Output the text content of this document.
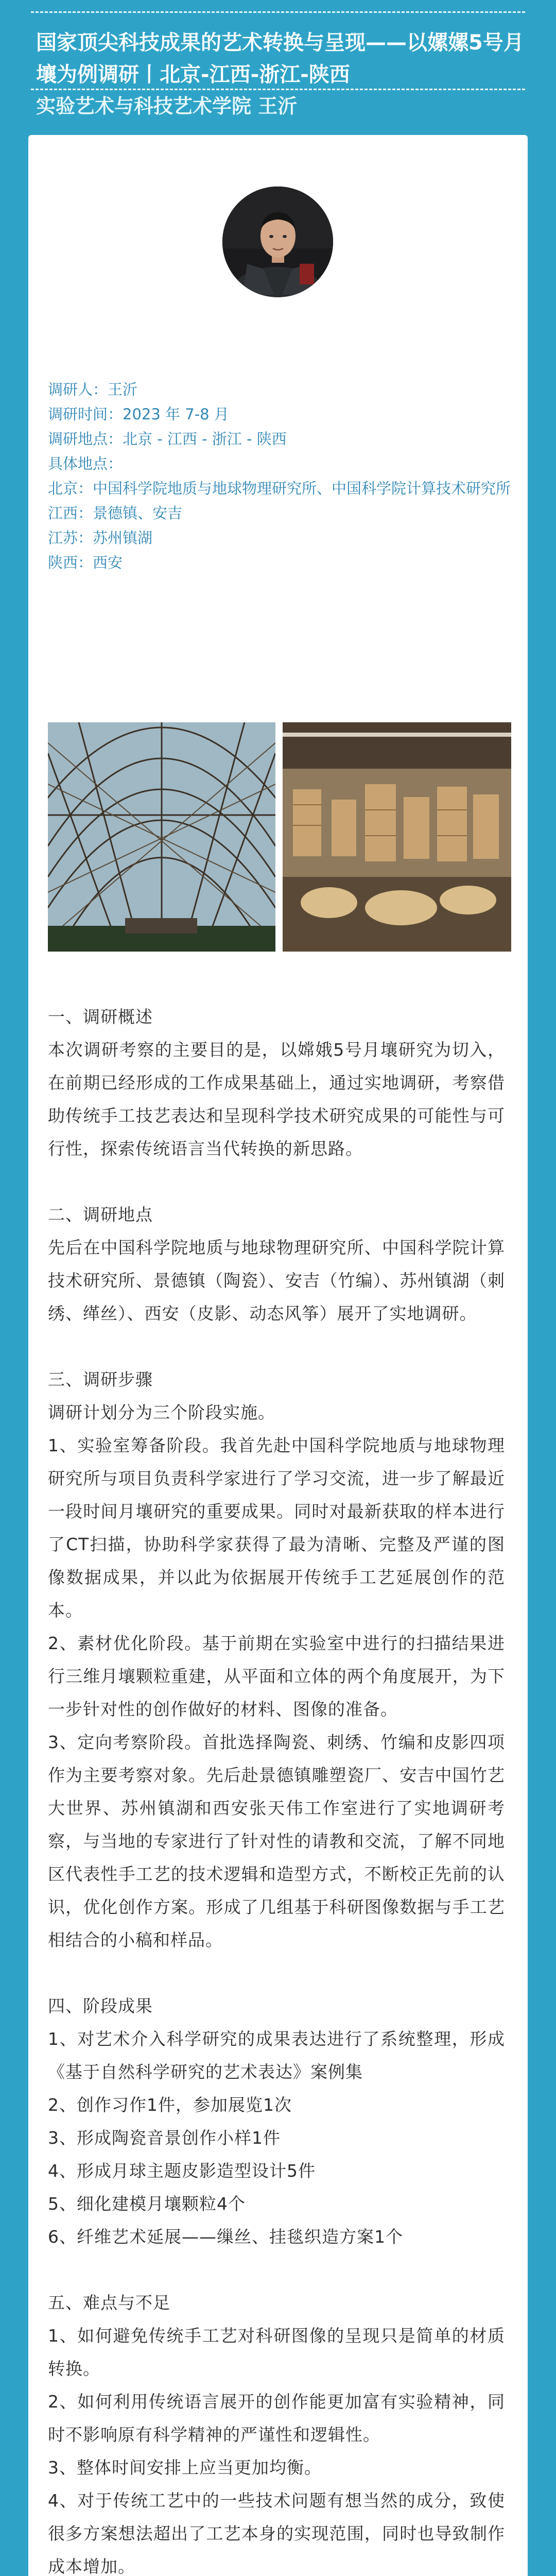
国家顶尖科技成果的艺术转换与呈现——以嫘嫘5号月壤为例调研丨北京-江西-浙江-陕西
实验艺术与科技艺术学院 王沂
调研人：王沂
调研时间：2023 年 7-8 月
调研地点：北京 - 江西 - 浙江 - 陕西
具体地点：
北京：中国科学院地质与地球物理研究所、中国科学院计算技术研究所
江西：景德镇、安吉
江苏：苏州镇湖
陕西：西安

一、调研概述

本次调研考察的主要目的是，以嫦娥5号月壤研究为切入，在前期已经形成的工作成果基础上，通过实地调研，考察借助传统手工技艺表达和呈现科学技术研究成果的可能性与可行性，探索传统语言当代转换的新思路。

二、调研地点

先后在中国科学院地质与地球物理研究所、中国科学院计算技术研究所、景德镇（陶瓷）、安吉（竹编）、苏州镇湖（刺绣、缂丝）、西安（皮影、动态风筝）展开了实地调研。

三、调研步骤

调研计划分为三个阶段实施。

1、实验室筹备阶段。我首先赴中国科学院地质与地球物理研究所与项目负责科学家进行了学习交流，进一步了解最近一段时间月壤研究的重要成果。同时对最新获取的样本进行了CT扫描，协助科学家获得了最为清晰、完整及严谨的图像数据成果，并以此为依据展开传统手工艺延展创作的范本。

2、素材优化阶段。基于前期在实验室中进行的扫描结果进行三维月壤颗粒重建，从平面和立体的两个角度展开，为下一步针对性的创作做好的材料、图像的准备。

3、定向考察阶段。首批选择陶瓷、刺绣、竹编和皮影四项作为主要考察对象。先后赴景德镇雕塑瓷厂、安吉中国竹艺大世界、苏州镇湖和西安张天伟工作室进行了实地调研考察，与当地的专家进行了针对性的请教和交流，了解不同地区代表性手工艺的技术逻辑和造型方式，不断校正先前的认识，优化创作方案。形成了几组基于科研图像数据与手工艺相结合的小稿和样品。

四、阶段成果

1、对艺术介入科学研究的成果表达进行了系统整理，形成《基于自然科学研究的艺术表达》案例集

2、创作习作1件，参加展览1次

3、形成陶瓷音景创作小样1件

4、形成月球主题皮影造型设计5件

5、细化建模月壤颗粒4个

6、纤维艺术延展——缫丝、挂毯织造方案1个

五、难点与不足

1、如何避免传统手工艺对科研图像的呈现只是简单的材质转换。

2、如何利用传统语言展开的创作能更加富有实验精神，同时不影响原有科学精神的严谨性和逻辑性。

3、整体时间安排上应当更加均衡。

4、对于传统工艺中的一些技术问题有想当然的成分，致使很多方案想法超出了工艺本身的实现范围，同时也导致制作成本增加。
